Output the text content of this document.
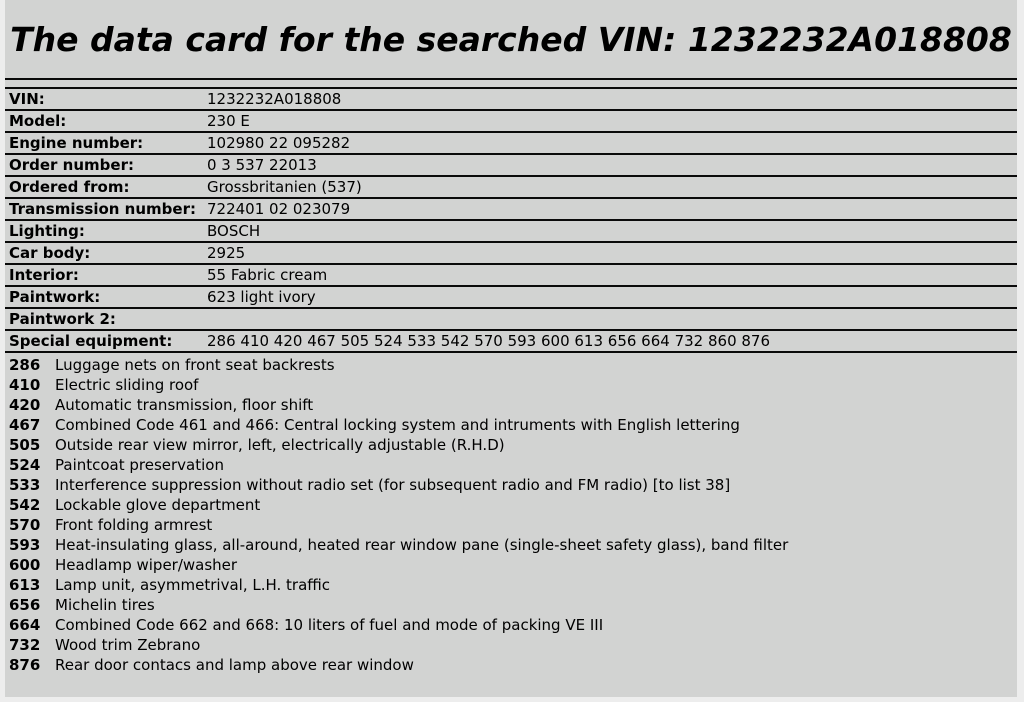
The data card for the searched VIN: 1232232A018808
VIN:	1232232A018808
Model:	230 E
Engine number:	102980 22 095282
Order number:	0 3 537 22013
Ordered from:	Grossbritanien (537)
Transmission number: 722401 02 023079
Lighting:	BOSCH
Car body:	2925
Interior:	55 Fabric cream
Paintwork:	623 light ivory
Paintwork 2:
Special equipment:	286 410 420 467 505 524 533 542 570 593 600 613 656 664 732 860 876
286 Luggage nets on front seat backrests
410 Electric sliding roof
420 Automatic transmission, floor shift
467 Combined Code 461 and 466: Central locking system and intruments with English lettering
505 Outside rear view mirror, left, electrically adjustable (R.H.D)
524 Paintcoat preservation
533 Interference suppression without radio set (for subsequent radio and FM radio) [to list 38]
542 Lockable glove department
570 Front folding armrest
593 Heat-insulating glass, all-around, heated rear window pane (single-sheet safety glass), band filter
600 Headlamp wiper/washer
613 Lamp unit, asymmetrival, L.H. traffic
656 Michelin tires
664 Combined Code 662 and 668: 10 liters of fuel and mode of packing VE III
732 Wood trim Zebrano
876 Rear door contacs and lamp above rear window
